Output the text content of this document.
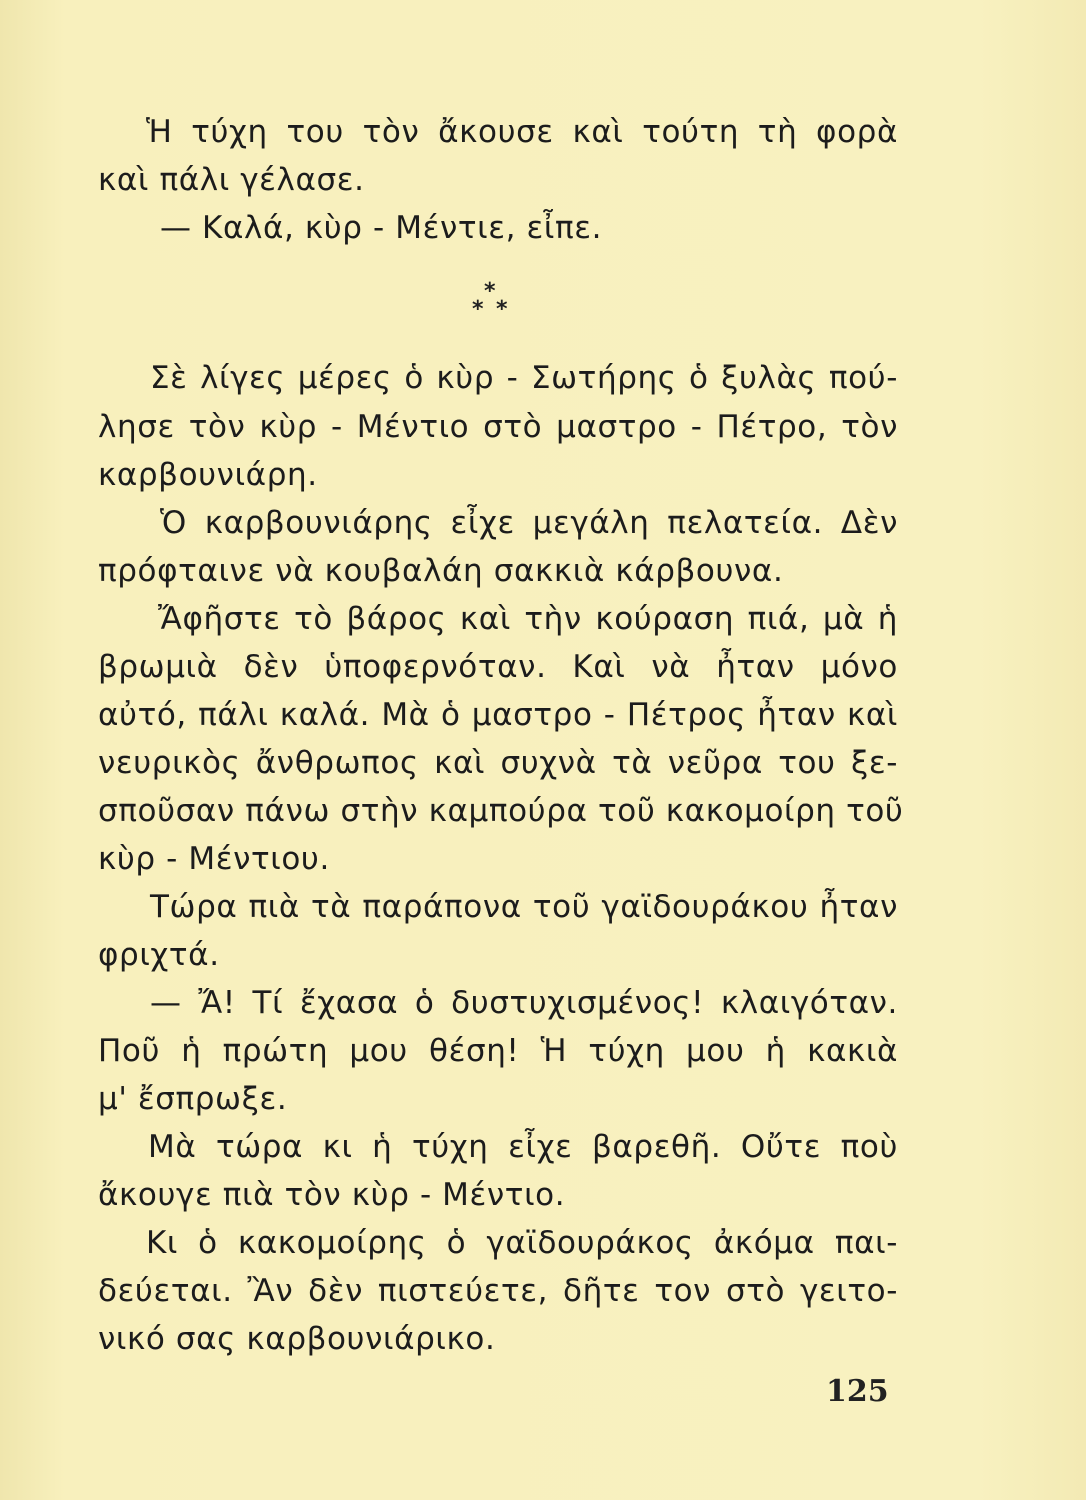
Ἡ τύχη του τὸν ἄκουσε καὶ τούτη τὴ φορὰ
καὶ πάλι γέλασε.
— Καλά, κὺρ - Μέντιε, εἶπε.
*
* *
Σὲ λίγες μέρες ὁ κὺρ - Σωτήρης ὁ ξυλὰς πού-
λησε τὸν κὺρ - Μέντιο στὸ μαστρο - Πέτρο, τὸν
καρβουνιάρη.
Ὁ καρβουνιάρης εἶχε μεγάλη πελατεία. Δὲν
πρόφταινε νὰ κουβαλάη σακκιὰ κάρβουνα.
Ἄφῆστε τὸ βάρος καὶ τὴν κούραση πιά, μὰ ἡ
βρωμιὰ δὲν ὑποφερνόταν. Καὶ νὰ ἦταν μόνο
αὐτό, πάλι καλά. Μὰ ὁ μαστρο - Πέτρος ἦταν καὶ
νευρικὸς ἄνθρωπος καὶ συχνὰ τὰ νεῦρα του ξε-
σποῦσαν πάνω στὴν καμπούρα τοῦ κακομοίρη τοῦ
κὺρ - Μέντιου.
Τώρα πιὰ τὰ παράπονα τοῦ γαϊδουράκου ἦταν
φριχτά.
— Ἄ! Τί ἔχασα ὁ δυστυχισμένος! κλαιγόταν.
Ποῦ ἡ πρώτη μου θέση! Ἡ τύχη μου ἡ κακιὰ
μ' ἔσπρωξε.
Μὰ τώρα κι ἡ τύχη εἶχε βαρεθῆ. Οὔτε ποὺ
ἄκουγε πιὰ τὸν κὺρ - Μέντιο.
Κι ὁ κακομοίρης ὁ γαϊδουράκος ἀκόμα παι-
δεύεται. Ἂν δὲν πιστεύετε, δῆτε τον στὸ γειτο-
νικό σας καρβουνιάρικο.
125
